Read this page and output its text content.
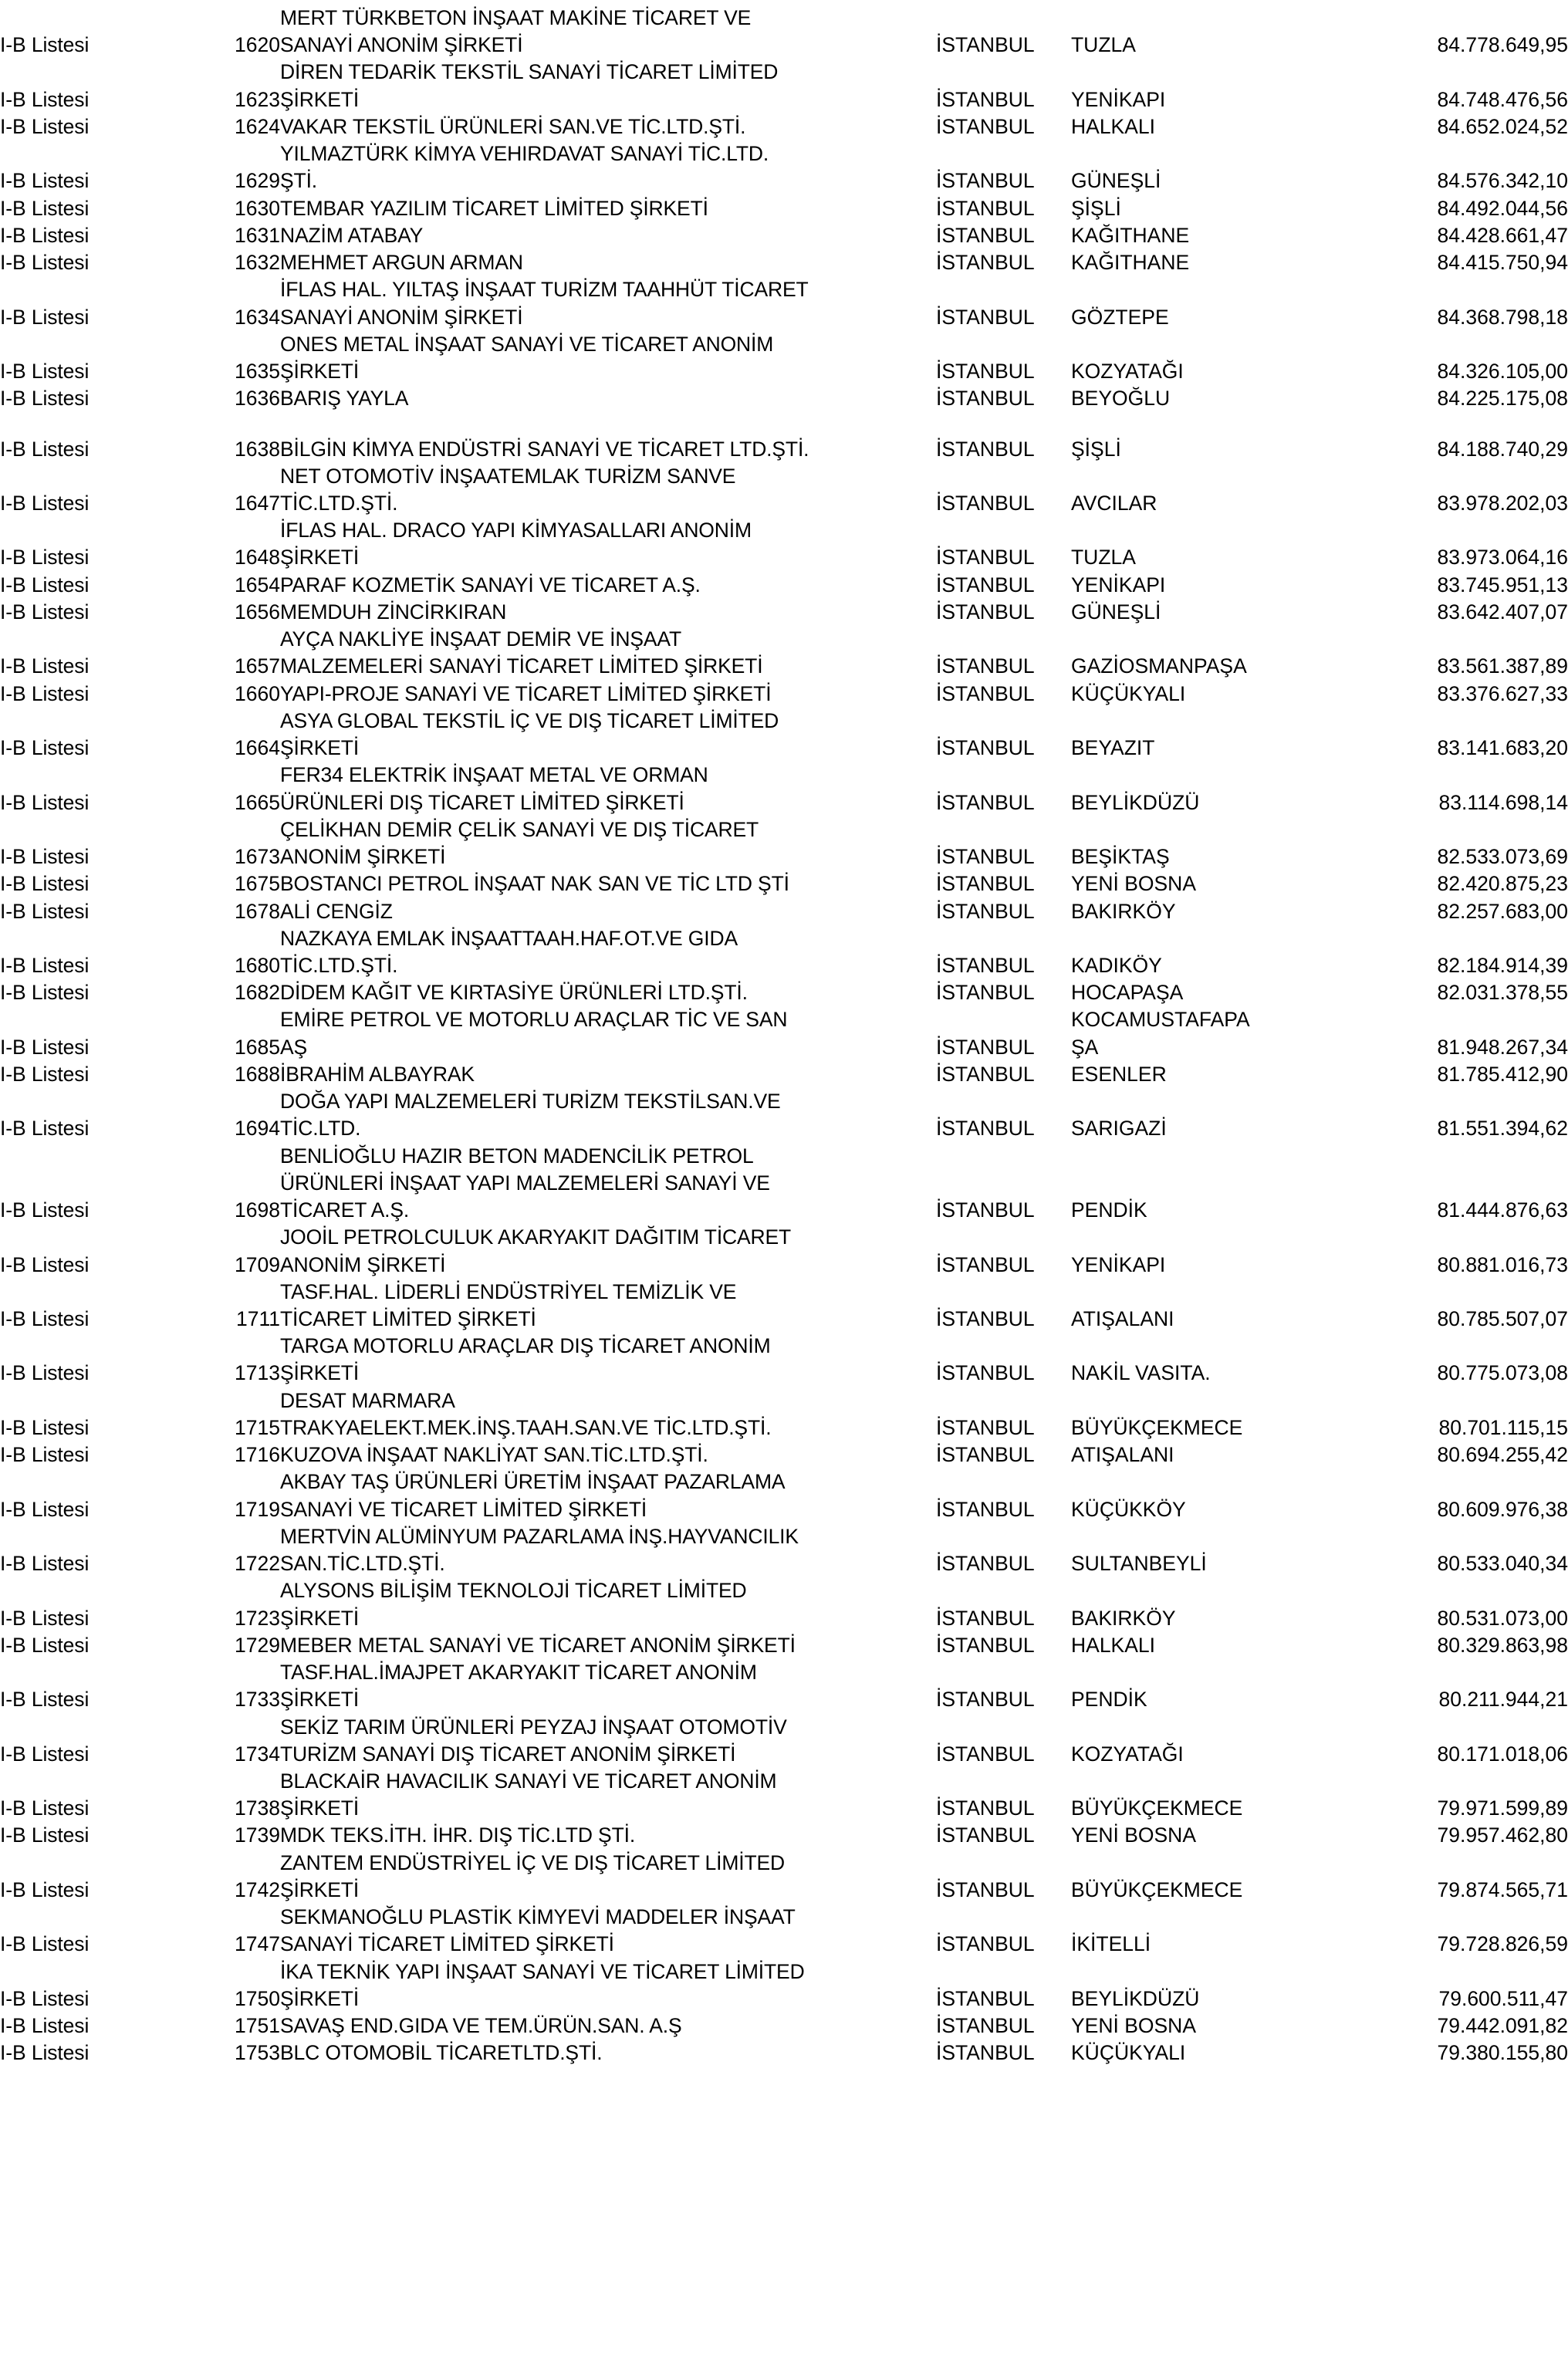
			MERT TÜRKBETON İNŞAAT MAKİNE TİCARET VE			
I-B Listesi		1620	SANAYİ ANONİM ŞİRKETİ	İSTANBUL	TUZLA	84.778.649,95
			DİREN TEDARİK TEKSTİL SANAYİ TİCARET LİMİTED			
I-B Listesi		1623	ŞİRKETİ	İSTANBUL	YENİKAPI	84.748.476,56
I-B Listesi		1624	VAKAR TEKSTİL ÜRÜNLERİ SAN.VE TİC.LTD.ŞTİ.	İSTANBUL	HALKALI	84.652.024,52
			YILMAZTÜRK KİMYA VEHIRDAVAT SANAYİ TİC.LTD.			
I-B Listesi		1629	ŞTİ.	İSTANBUL	GÜNEŞLİ	84.576.342,10
I-B Listesi		1630	TEMBAR YAZILIM TİCARET LİMİTED ŞİRKETİ	İSTANBUL	ŞİŞLİ	84.492.044,56
I-B Listesi		1631	NAZİM ATABAY	İSTANBUL	KAĞITHANE	84.428.661,47
I-B Listesi		1632	MEHMET ARGUN ARMAN	İSTANBUL	KAĞITHANE	84.415.750,94
			İFLAS HAL. YILTAŞ İNŞAAT TURİZM TAAHHÜT TİCARET			
I-B Listesi		1634	SANAYİ ANONİM ŞİRKETİ	İSTANBUL	GÖZTEPE	84.368.798,18
			ONES METAL İNŞAAT SANAYİ VE TİCARET ANONİM			
I-B Listesi		1635	ŞİRKETİ	İSTANBUL	KOZYATAĞI	84.326.105,00
I-B Listesi		1636	BARIŞ YAYLA	İSTANBUL	BEYOĞLU	84.225.175,08

I-B Listesi		1638	BİLGİN KİMYA ENDÜSTRİ SANAYİ VE TİCARET LTD.ŞTİ.	İSTANBUL	ŞİŞLİ	84.188.740,29
			NET OTOMOTİV İNŞAATEMLAK TURİZM SANVE			
I-B Listesi		1647	TİC.LTD.ŞTİ.	İSTANBUL	AVCILAR	83.978.202,03
			İFLAS HAL. DRACO YAPI KİMYASALLARI ANONİM			
I-B Listesi		1648	ŞİRKETİ	İSTANBUL	TUZLA	83.973.064,16
I-B Listesi		1654	PARAF KOZMETİK SANAYİ VE TİCARET A.Ş.	İSTANBUL	YENİKAPI	83.745.951,13
I-B Listesi		1656	MEMDUH ZİNCİRKIRAN	İSTANBUL	GÜNEŞLİ	83.642.407,07
			AYÇA NAKLİYE İNŞAAT DEMİR VE İNŞAAT			
I-B Listesi		1657	MALZEMELERİ SANAYİ TİCARET LİMİTED ŞİRKETİ	İSTANBUL	GAZİOSMANPAŞA	83.561.387,89
I-B Listesi		1660	YAPI-PROJE SANAYİ VE TİCARET LİMİTED ŞİRKETİ	İSTANBUL	KÜÇÜKYALI	83.376.627,33
			ASYA GLOBAL TEKSTİL İÇ VE DIŞ TİCARET LİMİTED			
I-B Listesi		1664	ŞİRKETİ	İSTANBUL	BEYAZIT	83.141.683,20
			FER34 ELEKTRİK İNŞAAT METAL VE ORMAN			
I-B Listesi		1665	ÜRÜNLERİ DIŞ TİCARET LİMİTED ŞİRKETİ	İSTANBUL	BEYLİKDÜZÜ	83.114.698,14
			ÇELİKHAN DEMİR ÇELİK SANAYİ VE DIŞ TİCARET			
I-B Listesi		1673	ANONİM ŞİRKETİ	İSTANBUL	BEŞİKTAŞ	82.533.073,69
I-B Listesi		1675	BOSTANCI PETROL İNŞAAT NAK SAN VE TİC LTD ŞTİ	İSTANBUL	YENİ BOSNA	82.420.875,23
I-B Listesi		1678	ALİ CENGİZ	İSTANBUL	BAKIRKÖY	82.257.683,00
			NAZKAYA EMLAK İNŞAATTAAH.HAF.OT.VE GIDA			
I-B Listesi		1680	TİC.LTD.ŞTİ.	İSTANBUL	KADIKÖY	82.184.914,39
I-B Listesi		1682	DİDEM KAĞIT VE KIRTASİYE ÜRÜNLERİ LTD.ŞTİ.	İSTANBUL	HOCAPAŞA	82.031.378,55
			EMİRE PETROL VE MOTORLU ARAÇLAR TİC VE SAN		KOCAMUSTAFAPA	
I-B Listesi		1685	AŞ	İSTANBUL	ŞA	81.948.267,34
I-B Listesi		1688	İBRAHİM ALBAYRAK	İSTANBUL	ESENLER	81.785.412,90
			DOĞA YAPI MALZEMELERİ TURİZM TEKSTİLSAN.VE			
I-B Listesi		1694	TİC.LTD.	İSTANBUL	SARIGAZİ	81.551.394,62
			BENLİOĞLU HAZIR BETON MADENCİLİK PETROL			
			ÜRÜNLERİ İNŞAAT YAPI MALZEMELERİ SANAYİ VE			
I-B Listesi		1698	TİCARET A.Ş.	İSTANBUL	PENDİK	81.444.876,63
			JOOİL PETROLCULUK AKARYAKIT DAĞITIM TİCARET			
I-B Listesi		1709	ANONİM ŞİRKETİ	İSTANBUL	YENİKAPI	80.881.016,73
			TASF.HAL. LİDERLİ ENDÜSTRİYEL TEMİZLİK VE			
I-B Listesi		1711	TİCARET LİMİTED ŞİRKETİ	İSTANBUL	ATIŞALANI	80.785.507,07
			TARGA MOTORLU ARAÇLAR DIŞ TİCARET ANONİM			
I-B Listesi		1713	ŞİRKETİ	İSTANBUL	NAKİL VASITA.	80.775.073,08
			DESAT MARMARA			
I-B Listesi		1715	TRAKYAELEKT.MEK.İNŞ.TAAH.SAN.VE TİC.LTD.ŞTİ.	İSTANBUL	BÜYÜKÇEKMECE	80.701.115,15
I-B Listesi		1716	KUZOVA İNŞAAT NAKLİYAT SAN.TİC.LTD.ŞTİ.	İSTANBUL	ATIŞALANI	80.694.255,42
			AKBAY TAŞ ÜRÜNLERİ ÜRETİM İNŞAAT PAZARLAMA			
I-B Listesi		1719	SANAYİ VE TİCARET LİMİTED ŞİRKETİ	İSTANBUL	KÜÇÜKKÖY	80.609.976,38
			MERTVİN ALÜMİNYUM PAZARLAMA İNŞ.HAYVANCILIK			
I-B Listesi		1722	SAN.TİC.LTD.ŞTİ.	İSTANBUL	SULTANBEYLİ	80.533.040,34
			ALYSONS BİLİŞİM TEKNOLOJİ TİCARET LİMİTED			
I-B Listesi		1723	ŞİRKETİ	İSTANBUL	BAKIRKÖY	80.531.073,00
I-B Listesi		1729	MEBER METAL SANAYİ VE TİCARET ANONİM ŞİRKETİ	İSTANBUL	HALKALI	80.329.863,98
			TASF.HAL.İMAJPET AKARYAKIT TİCARET ANONİM			
I-B Listesi		1733	ŞİRKETİ	İSTANBUL	PENDİK	80.211.944,21
			SEKİZ TARIM ÜRÜNLERİ PEYZAJ İNŞAAT OTOMOTİV			
I-B Listesi		1734	TURİZM SANAYİ DIŞ TİCARET ANONİM ŞİRKETİ	İSTANBUL	KOZYATAĞI	80.171.018,06
			BLACKAİR HAVACILIK SANAYİ VE TİCARET ANONİM			
I-B Listesi		1738	ŞİRKETİ	İSTANBUL	BÜYÜKÇEKMECE	79.971.599,89
I-B Listesi		1739	MDK TEKS.İTH. İHR. DIŞ TİC.LTD ŞTİ.	İSTANBUL	YENİ BOSNA	79.957.462,80
			ZANTEM ENDÜSTRİYEL İÇ VE DIŞ TİCARET LİMİTED			
I-B Listesi		1742	ŞİRKETİ	İSTANBUL	BÜYÜKÇEKMECE	79.874.565,71
			SEKMANOĞLU PLASTİK KİMYEVİ MADDELER İNŞAAT			
I-B Listesi		1747	SANAYİ TİCARET LİMİTED ŞİRKETİ	İSTANBUL	İKİTELLİ	79.728.826,59
			İKA TEKNİK YAPI İNŞAAT SANAYİ VE TİCARET LİMİTED			
I-B Listesi		1750	ŞİRKETİ	İSTANBUL	BEYLİKDÜZÜ	79.600.511,47
I-B Listesi		1751	SAVAŞ END.GIDA VE TEM.ÜRÜN.SAN. A.Ş	İSTANBUL	YENİ BOSNA	79.442.091,82
I-B Listesi		1753	BLC OTOMOBİL TİCARETLTD.ŞTİ.	İSTANBUL	KÜÇÜKYALI	79.380.155,80
